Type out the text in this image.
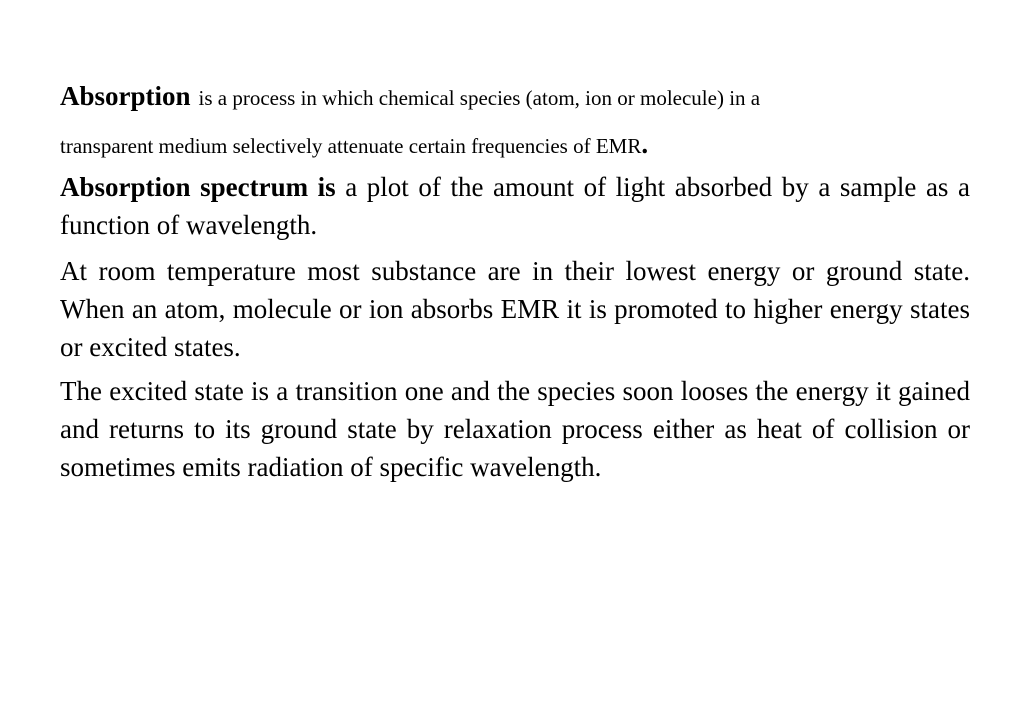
Absorption is a process in which chemical species (atom, ion or molecule) in a
transparent medium selectively attenuate certain frequencies of EMR.

Absorption spectrum is a plot of the amount of light absorbed by a sample as a function of wavelength.

At room temperature most substance are in their lowest energy or ground state. When an atom, molecule or ion absorbs EMR it is promoted to higher energy states or excited states.

The excited state is a transition one and the species soon looses the energy it gained and returns to its ground state by relaxation process either as heat of collision or sometimes emits radiation of specific wavelength.
